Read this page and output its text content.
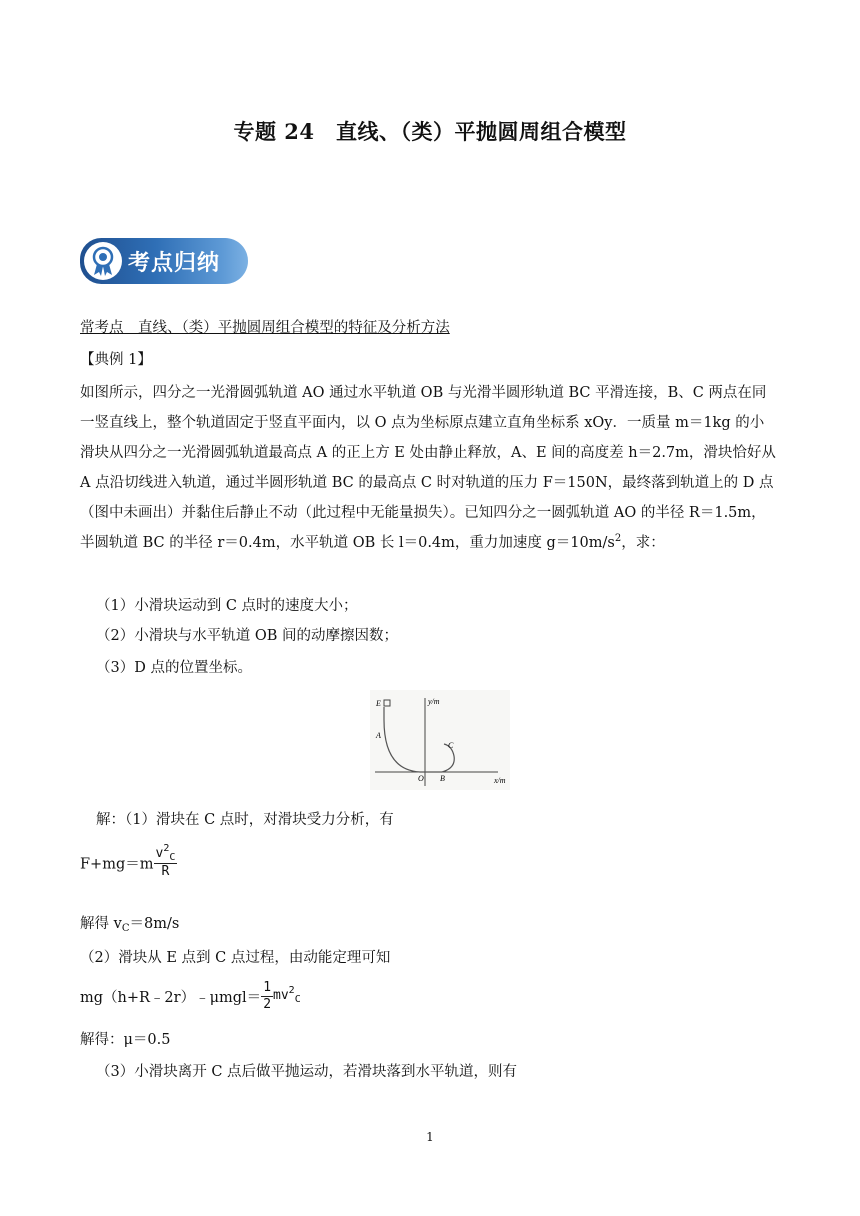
专题 24　直线、（类）平抛圆周组合模型
考点归纳
常考点　直线、（类）平抛圆周组合模型的特征及分析方法
【典例 1】
如图所示，四分之一光滑圆弧轨道 AO 通过水平轨道 OB 与光滑半圆形轨道 BC 平滑连接，B、C 两点在同
一竖直线上，整个轨道固定于竖直平面内，以 O 点为坐标原点建立直角坐标系 xOy．一质量 m＝1kg 的小
滑块从四分之一光滑圆弧轨道最高点 A 的正上方 E 处由静止释放，A、E 间的高度差 h＝2.7m，滑块恰好从
A 点沿切线进入轨道，通过半圆形轨道 BC 的最高点 C 时对轨道的压力 F＝150N，最终落到轨道上的 D 点
（图中未画出）并黏住后静止不动（此过程中无能量损失）。已知四分之一圆弧轨道 AO 的半径 R＝1.5m，
半圆轨道 BC 的半径 r＝0.4m，水平轨道 OB 长 l＝0.4m，重力加速度 $g=10m/s^2$，求：
（1）小滑块运动到 C 点时的速度大小；
（2）小滑块与水平轨道 OB 间的动摩擦因数；
（3）D 点的位置坐标。
E
A
C
O B
y/m
x/m
解：（1）滑块在 C 点时，对滑块受力分析，有
$F+mg=m \frac{v^2_C}{R}$
解得 $v_C=8m/s$
（2）滑块从 E 点到 C 点过程，由动能定理可知
mg（h+R﹣2r）﹣μmgl＝ $\frac{1}{2} mv^2_C$
解得：μ＝0.5
（3）小滑块离开 C 点后做平抛运动，若滑块落到水平轨道，则有
1
